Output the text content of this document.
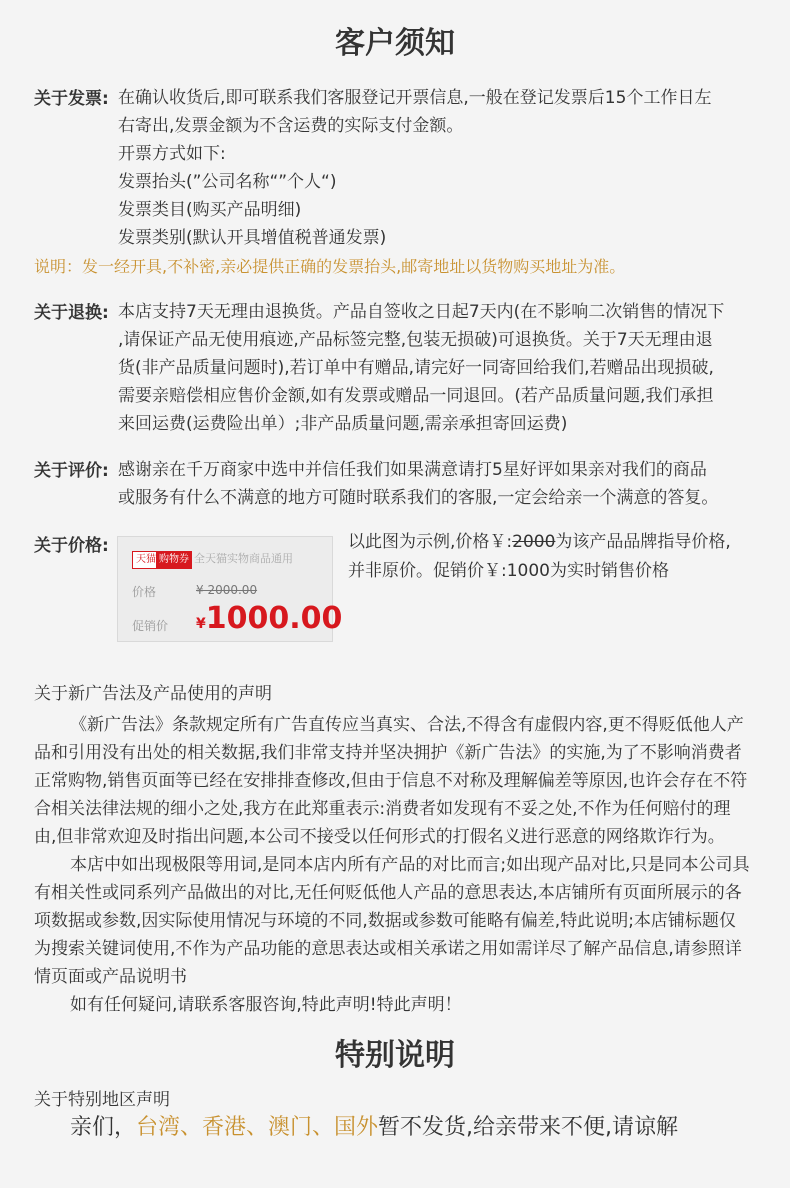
客户须知
关于发票: 在确认收货后,即可联系我们客服登记开票信息,一般在登记发票后15个工作日左
右寄出,发票金额为不含运费的实际支付金额。
开票方式如下:
发票抬头(”公司名称“”个人“)
发票类目(购买产品明细)
发票类别(默认开具增值税普通发票)
说明：发一经开具,不补密,亲必提供正确的发票抬头,邮寄地址以货物购买地址为准。
关于退换: 本店支持7天无理由退换货。产品自签收之日起7天内(在不影响二次销售的情况下
,请保证产品无使用痕迹,产品标签完整,包装无损破)可退换货。关于7天无理由退
货(非产品质量问题时),若订单中有赠品,请完好一同寄回给我们,若赠品出现损破,
需要亲赔偿相应售价金额,如有发票或赠品一同退回。(若产品质量问题,我们承担
来回运费(运费险出单）;非产品质量问题,需亲承担寄回运费)
关于评价: 感谢亲在千万商家中选中并信任我们如果满意请打5星好评如果亲对我们的商品
或服务有什么不满意的地方可随时联系我们的客服,一定会给亲一个满意的答复。
关于价格:
天猫 购物券 全天猫实物商品通用
价格	¥ 2000.00
促销价 ¥1000.00
以此图为示例,价格￥:2000为该产品品牌指导价格,
并非原价。促销价￥:1000为实时销售价格
关于新广告法及产品使用的声明
《新广告法》条款规定所有广告直传应当真实、合法,不得含有虚假内容,更不得贬低他人产
品和引用没有出处的相关数据,我们非常支持并坚决拥护《新广告法》的实施,为了不影响消费者
正常购物,销售页面等已经在安排排查修改,但由于信息不对称及理解偏差等原因,也许会存在不符
合相关法律法规的细小之处,我方在此郑重表示:消费者如发现有不妥之处,不作为任何赔付的理
由,但非常欢迎及时指出问题,本公司不接受以任何形式的打假名义进行恶意的网络欺诈行为。
本店中如出现极限等用词,是同本店内所有产品的对比而言;如出现产品对比,只是同本公司具
有相关性或同系列产品做出的对比,无任何贬低他人产品的意思表达,本店铺所有页面所展示的各
项数据或参数,因实际使用情况与环境的不同,数据或参数可能略有偏差,特此说明;本店铺标题仅
为搜索关键词使用,不作为产品功能的意思表达或相关承诺之用如需详尽了解产品信息,请参照详
情页面或产品说明书
如有任何疑问,请联系客服咨询,特此声明!特此声明！
特别说明
关于特别地区声明
亲们，台湾、香港、澳门、国外暂不发货,给亲带来不便,请谅解
